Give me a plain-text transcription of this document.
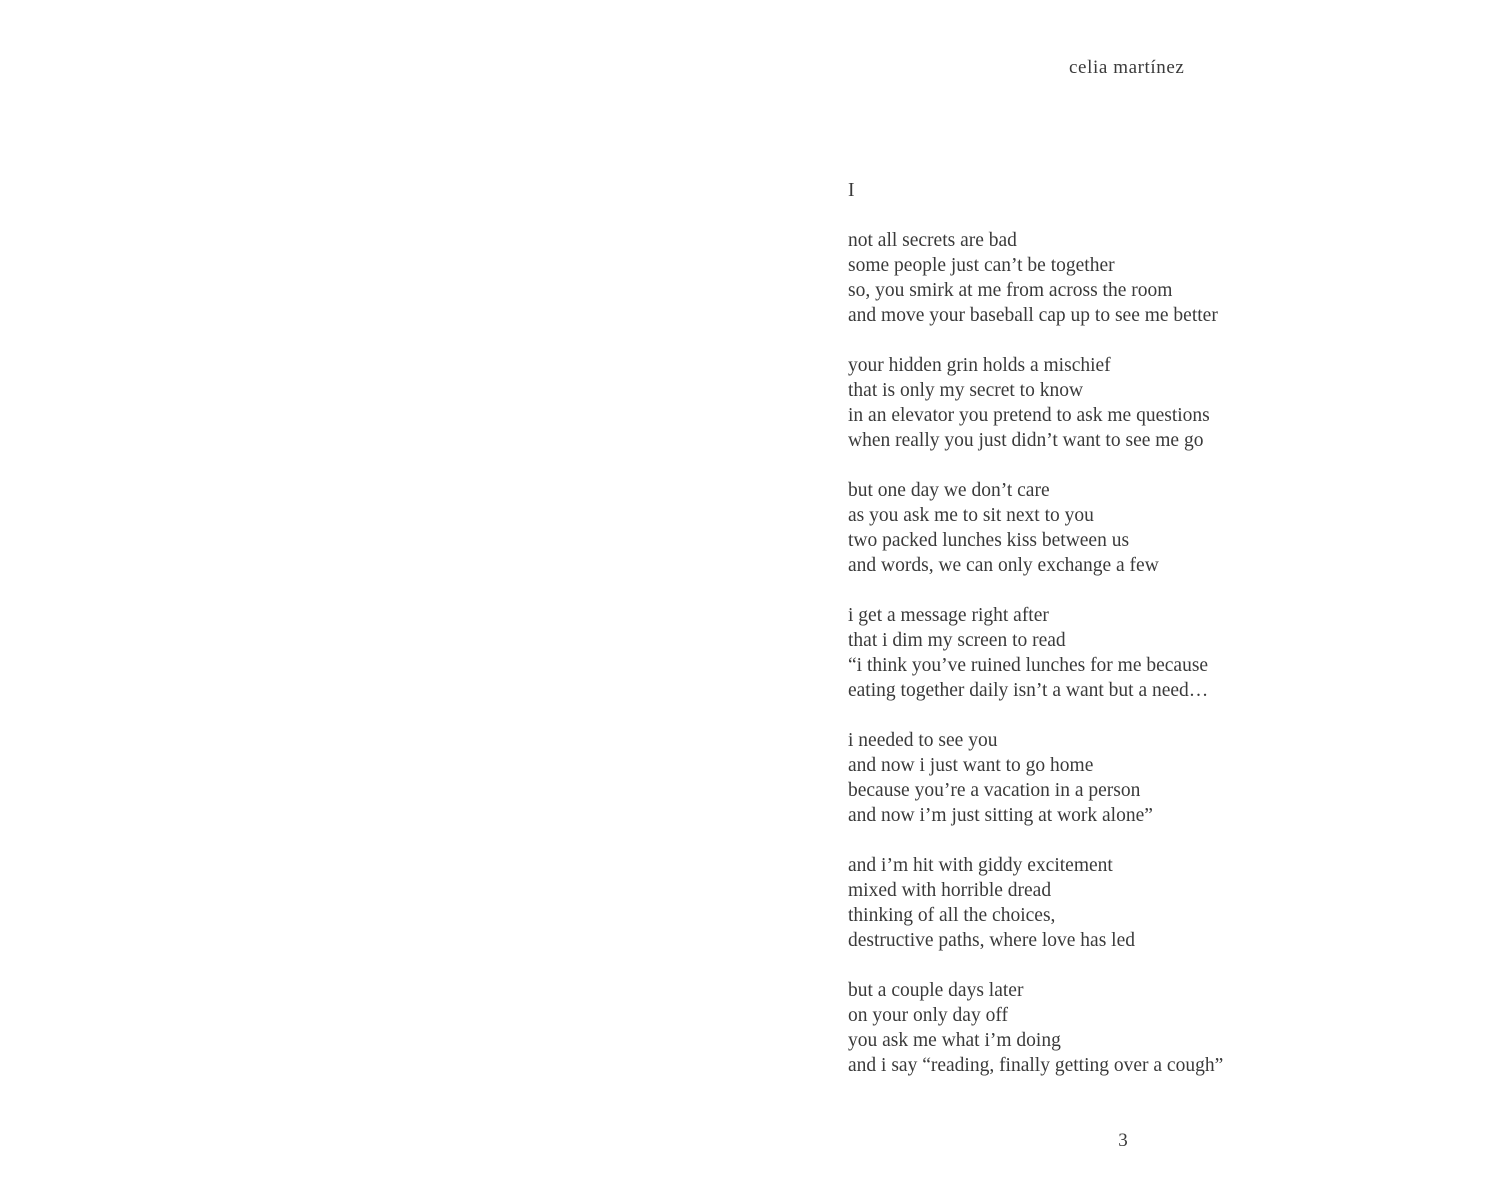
celia martínez
I
not all secrets are bad
some people just can’t be together
so, you smirk at me from across the room
and move your baseball cap up to see me better
your hidden grin holds a mischief
that is only my secret to know
in an elevator you pretend to ask me questions
when really you just didn’t want to see me go
but one day we don’t care
as you ask me to sit next to you
two packed lunches kiss between us
and words, we can only exchange a few
i get a message right after
that i dim my screen to read
“i think you’ve ruined lunches for me because
eating together daily isn’t a want but a need…
i needed to see you
and now i just want to go home
because you’re a vacation in a person
and now i’m just sitting at work alone”
and i’m hit with giddy excitement
mixed with horrible dread
thinking of all the choices,
destructive paths, where love has led
but a couple days later
on your only day off
you ask me what i’m doing
and i say “reading, finally getting over a cough”
3
